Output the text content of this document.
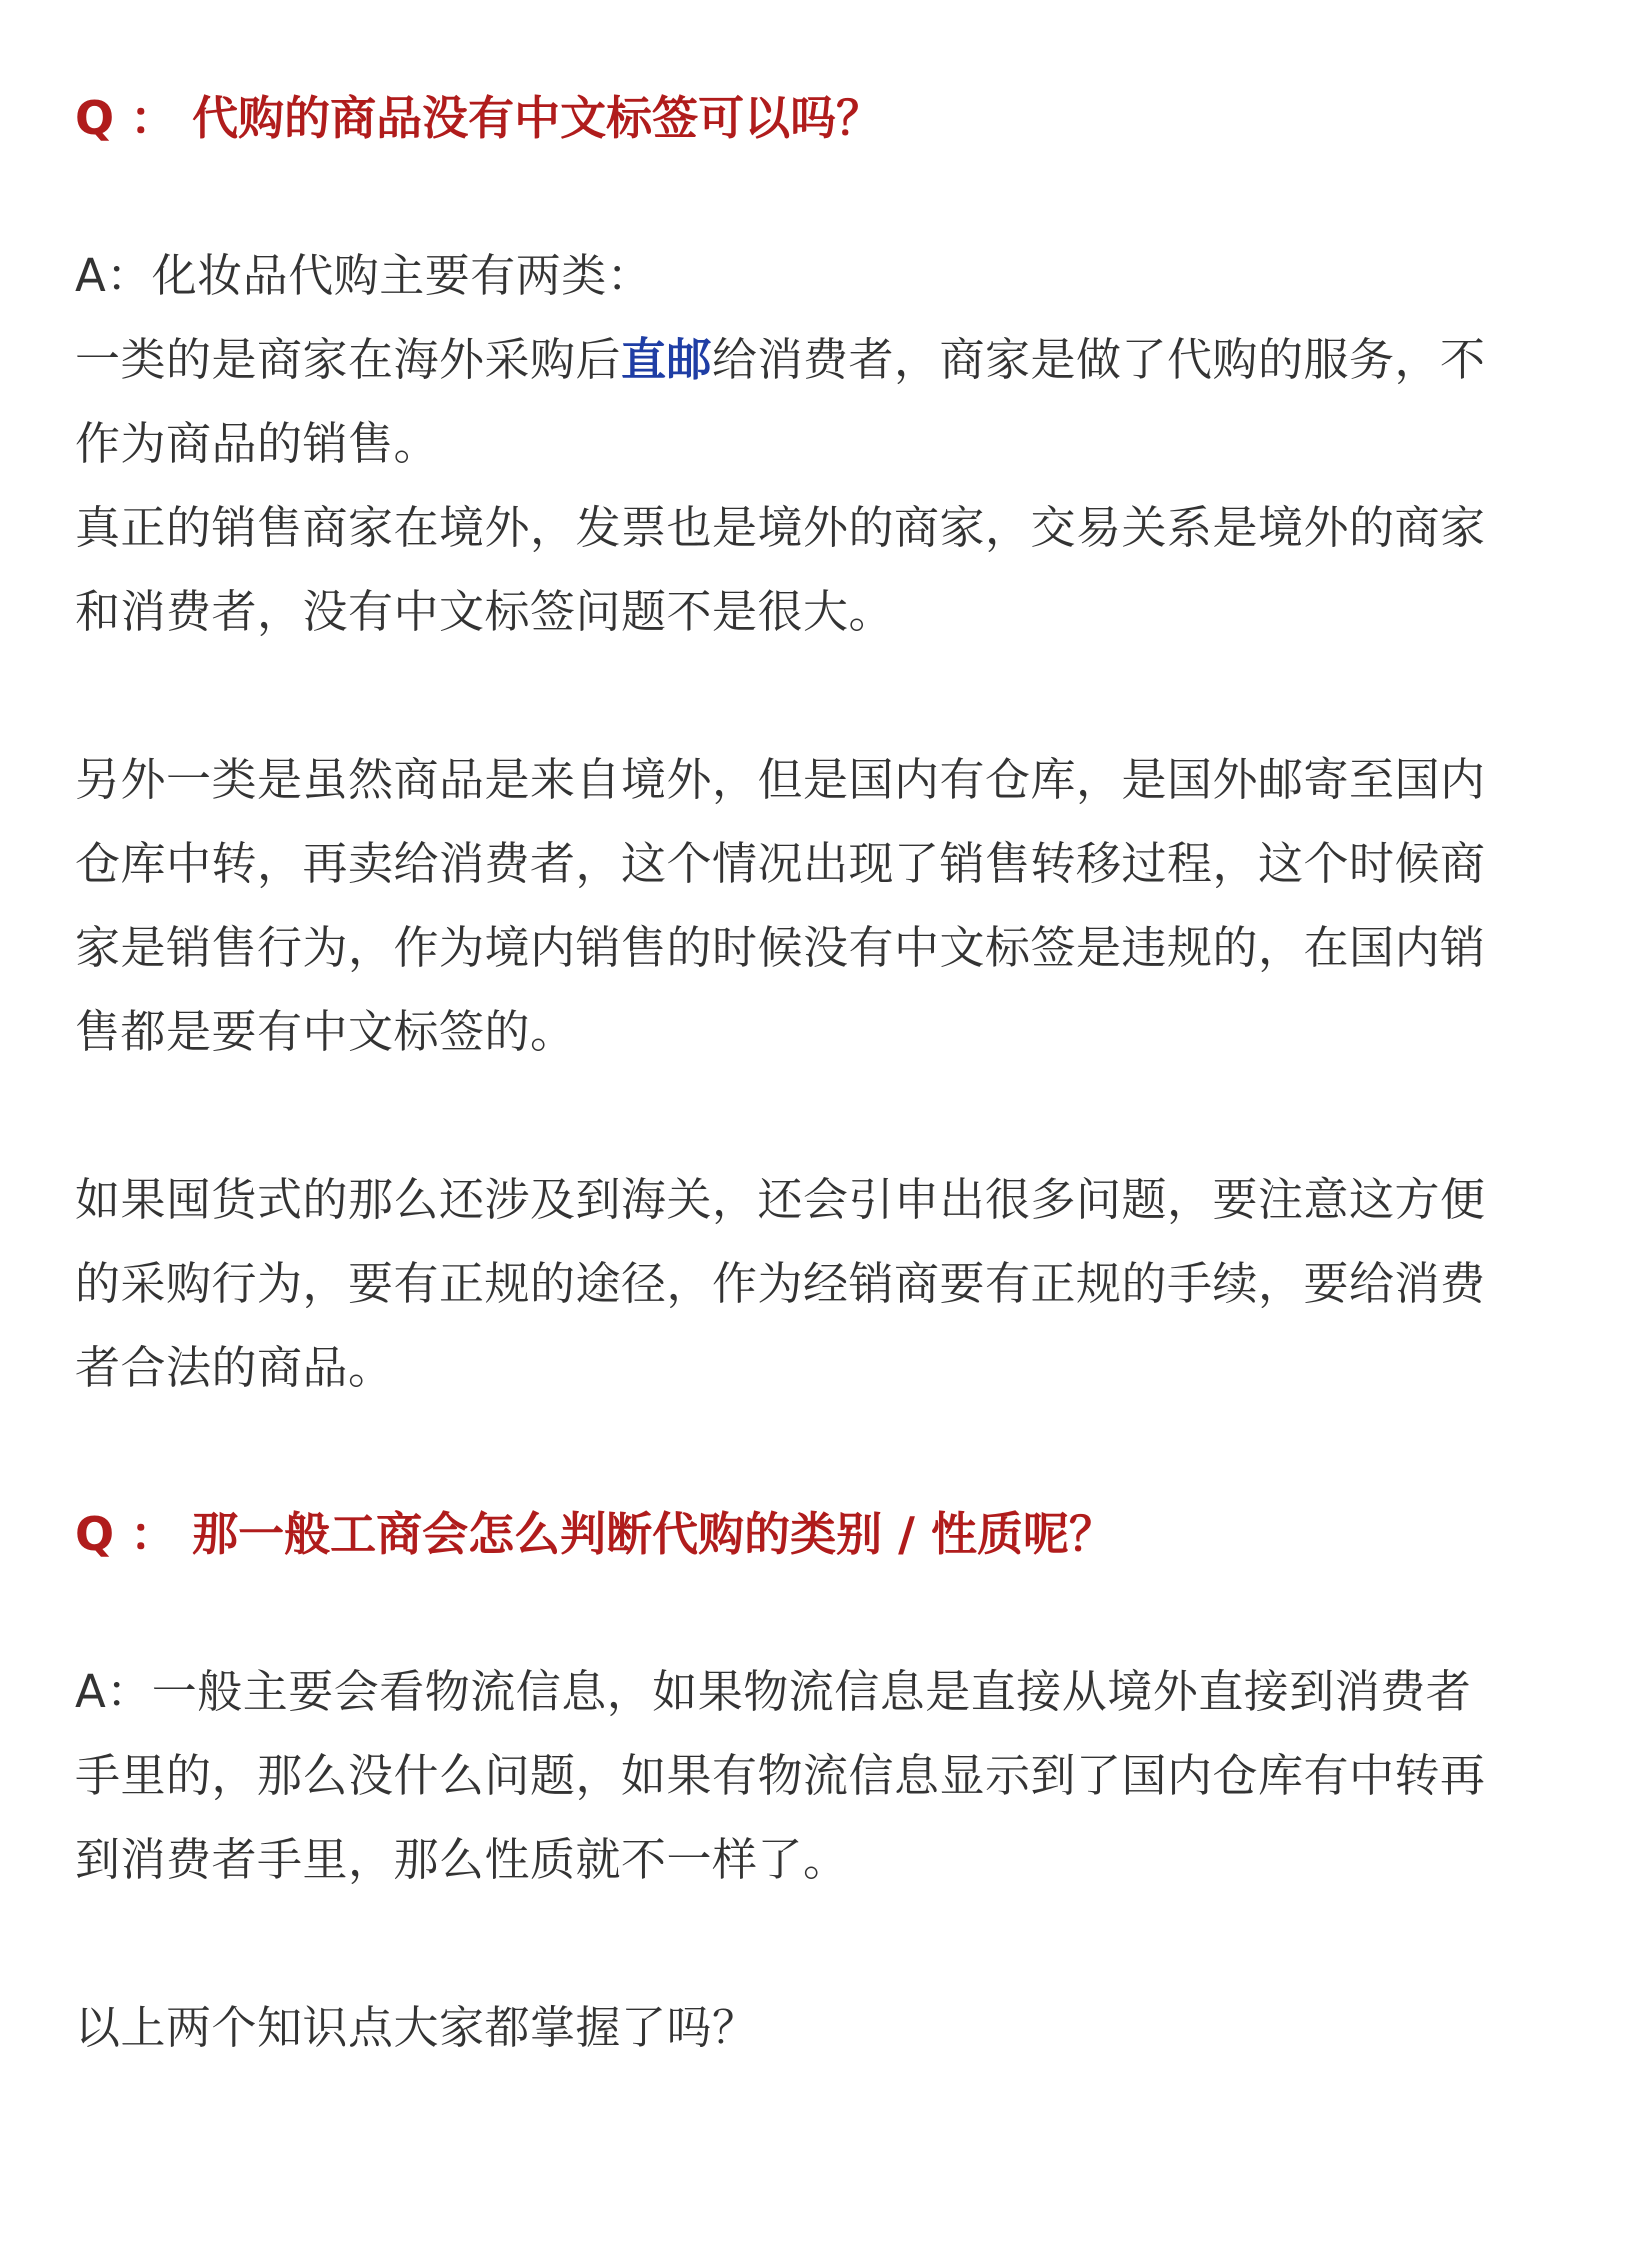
Q ： 代购的商品没有中文标签可以吗？

A：化妆品代购主要有两类：
一类的是商家在海外采购后直邮给消费者，商家是做了代购的服务，不
作为商品的销售。
真正的销售商家在境外，发票也是境外的商家，交易关系是境外的商家
和消费者，没有中文标签问题不是很大。
另外一类是虽然商品是来自境外，但是国内有仓库，是国外邮寄至国内
仓库中转，再卖给消费者，这个情况出现了销售转移过程，这个时候商
家是销售行为，作为境内销售的时候没有中文标签是违规的，在国内销
售都是要有中文标签的。
如果囤货式的那么还涉及到海关，还会引申出很多问题，要注意这方便
的采购行为，要有正规的途径，作为经销商要有正规的手续，要给消费
者合法的商品。

Q ： 那一般工商会怎么判断代购的类别 / 性质呢？

A：一般主要会看物流信息，如果物流信息是直接从境外直接到消费者
手里的，那么没什么问题，如果有物流信息显示到了国内仓库有中转再
到消费者手里，那么性质就不一样了。
以上两个知识点大家都掌握了吗？
